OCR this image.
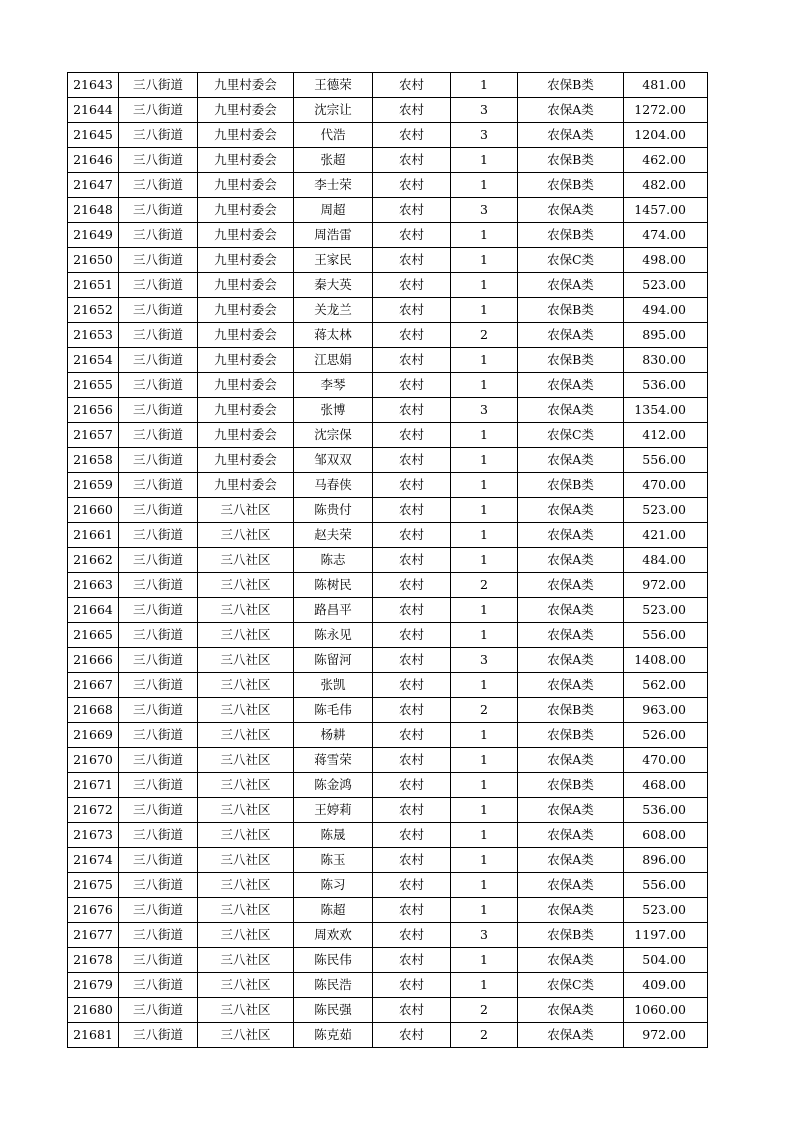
21643	三八街道	九里村委会	王德荣	农村	1	农保B类	481.00
21644	三八街道	九里村委会	沈宗让	农村	3	农保A类	1272.00
21645	三八街道	九里村委会	代浩	农村	3	农保A类	1204.00
21646	三八街道	九里村委会	张超	农村	1	农保B类	462.00
21647	三八街道	九里村委会	李士荣	农村	1	农保B类	482.00
21648	三八街道	九里村委会	周超	农村	3	农保A类	1457.00
21649	三八街道	九里村委会	周浩雷	农村	1	农保B类	474.00
21650	三八街道	九里村委会	王家民	农村	1	农保C类	498.00
21651	三八街道	九里村委会	秦大英	农村	1	农保A类	523.00
21652	三八街道	九里村委会	关龙兰	农村	1	农保B类	494.00
21653	三八街道	九里村委会	蒋太林	农村	2	农保A类	895.00
21654	三八街道	九里村委会	江思娟	农村	1	农保B类	830.00
21655	三八街道	九里村委会	李琴	农村	1	农保A类	536.00
21656	三八街道	九里村委会	张博	农村	3	农保A类	1354.00
21657	三八街道	九里村委会	沈宗保	农村	1	农保C类	412.00
21658	三八街道	九里村委会	邹双双	农村	1	农保A类	556.00
21659	三八街道	九里村委会	马春侠	农村	1	农保B类	470.00
21660	三八街道	三八社区	陈贵付	农村	1	农保A类	523.00
21661	三八街道	三八社区	赵夫荣	农村	1	农保A类	421.00
21662	三八街道	三八社区	陈志	农村	1	农保A类	484.00
21663	三八街道	三八社区	陈树民	农村	2	农保A类	972.00
21664	三八街道	三八社区	路昌平	农村	1	农保A类	523.00
21665	三八街道	三八社区	陈永见	农村	1	农保A类	556.00
21666	三八街道	三八社区	陈留河	农村	3	农保A类	1408.00
21667	三八街道	三八社区	张凯	农村	1	农保A类	562.00
21668	三八街道	三八社区	陈毛伟	农村	2	农保B类	963.00
21669	三八街道	三八社区	杨耕	农村	1	农保B类	526.00
21670	三八街道	三八社区	蒋雪荣	农村	1	农保A类	470.00
21671	三八街道	三八社区	陈金鸿	农村	1	农保B类	468.00
21672	三八街道	三八社区	王婷莉	农村	1	农保A类	536.00
21673	三八街道	三八社区	陈晟	农村	1	农保A类	608.00
21674	三八街道	三八社区	陈玉	农村	1	农保A类	896.00
21675	三八街道	三八社区	陈习	农村	1	农保A类	556.00
21676	三八街道	三八社区	陈超	农村	1	农保A类	523.00
21677	三八街道	三八社区	周欢欢	农村	3	农保B类	1197.00
21678	三八街道	三八社区	陈民伟	农村	1	农保A类	504.00
21679	三八街道	三八社区	陈民浩	农村	1	农保C类	409.00
21680	三八街道	三八社区	陈民强	农村	2	农保A类	1060.00
21681	三八街道	三八社区	陈克茹	农村	2	农保A类	972.00
